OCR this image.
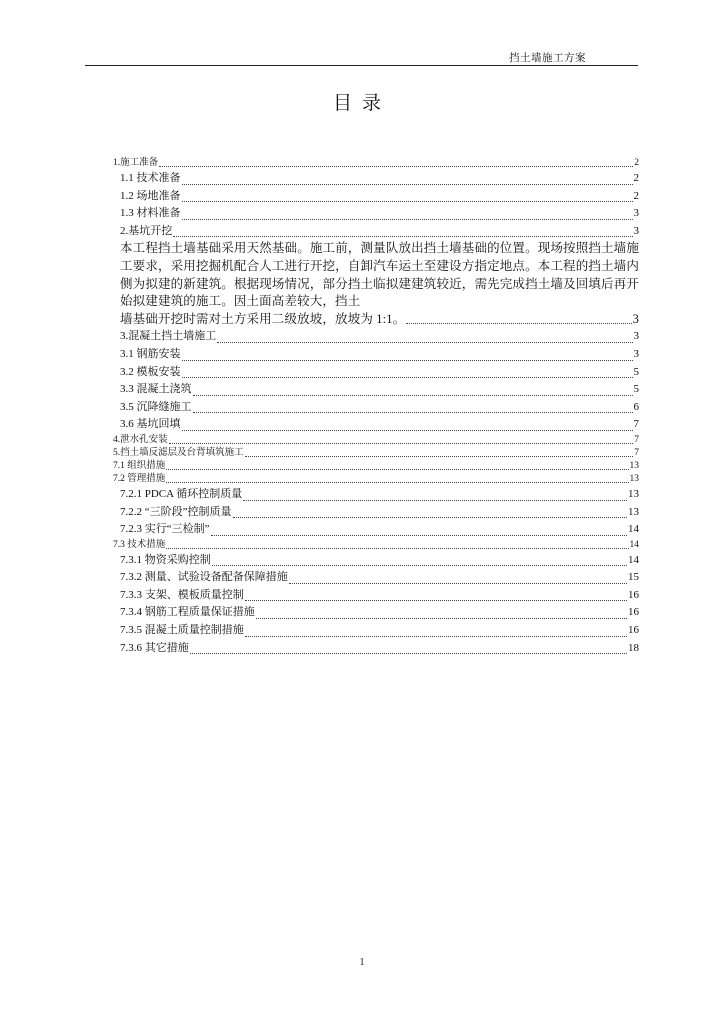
挡土墙施工方案
目录
1.施工准备	2
1.1 技术准备	2
1.2 场地准备	2
1.3 材料准备	3
2.基坑开挖	3
本工程挡土墙基础采用天然基础。施工前，测量队放出挡土墙基础的位置。现场按照挡土墙施工要求，采用挖掘机配合人工进行开挖，自卸汽车运土至建设方指定地点。本工程的挡土墙内侧为拟建的新建筑。根据现场情况，部分挡土临拟建建筑较近，需先完成挡土墙及回填后再开始拟建建筑的施工。因土面高差较大，挡土
墙基础开挖时需对土方采用二级放坡，放坡为 1:1。	3
3.混凝土挡土墙施工	3
3.1 钢筋安装	3
3.2 模板安装	5
3.3 混凝土浇筑	5
3.5 沉降缝施工	6
3.6 基坑回填	7
4.泄水孔安装	7
5.挡土墙反滤层及台背填筑施工	7
7.1 组织措施	13
7.2 管理措施	13
7.2.1 PDCA 循环控制质量	13
7.2.2 “三阶段”控制质量	13
7.2.3 实行“三检制”	14
7.3 技术措施	14
7.3.1 物资采购控制	14
7.3.2 测量、试验设备配备保障措施	15
7.3.3 支架、模板质量控制	16
7.3.4 钢筋工程质量保证措施	16
7.3.5 混凝土质量控制措施	16
7.3.6 其它措施	18
1
